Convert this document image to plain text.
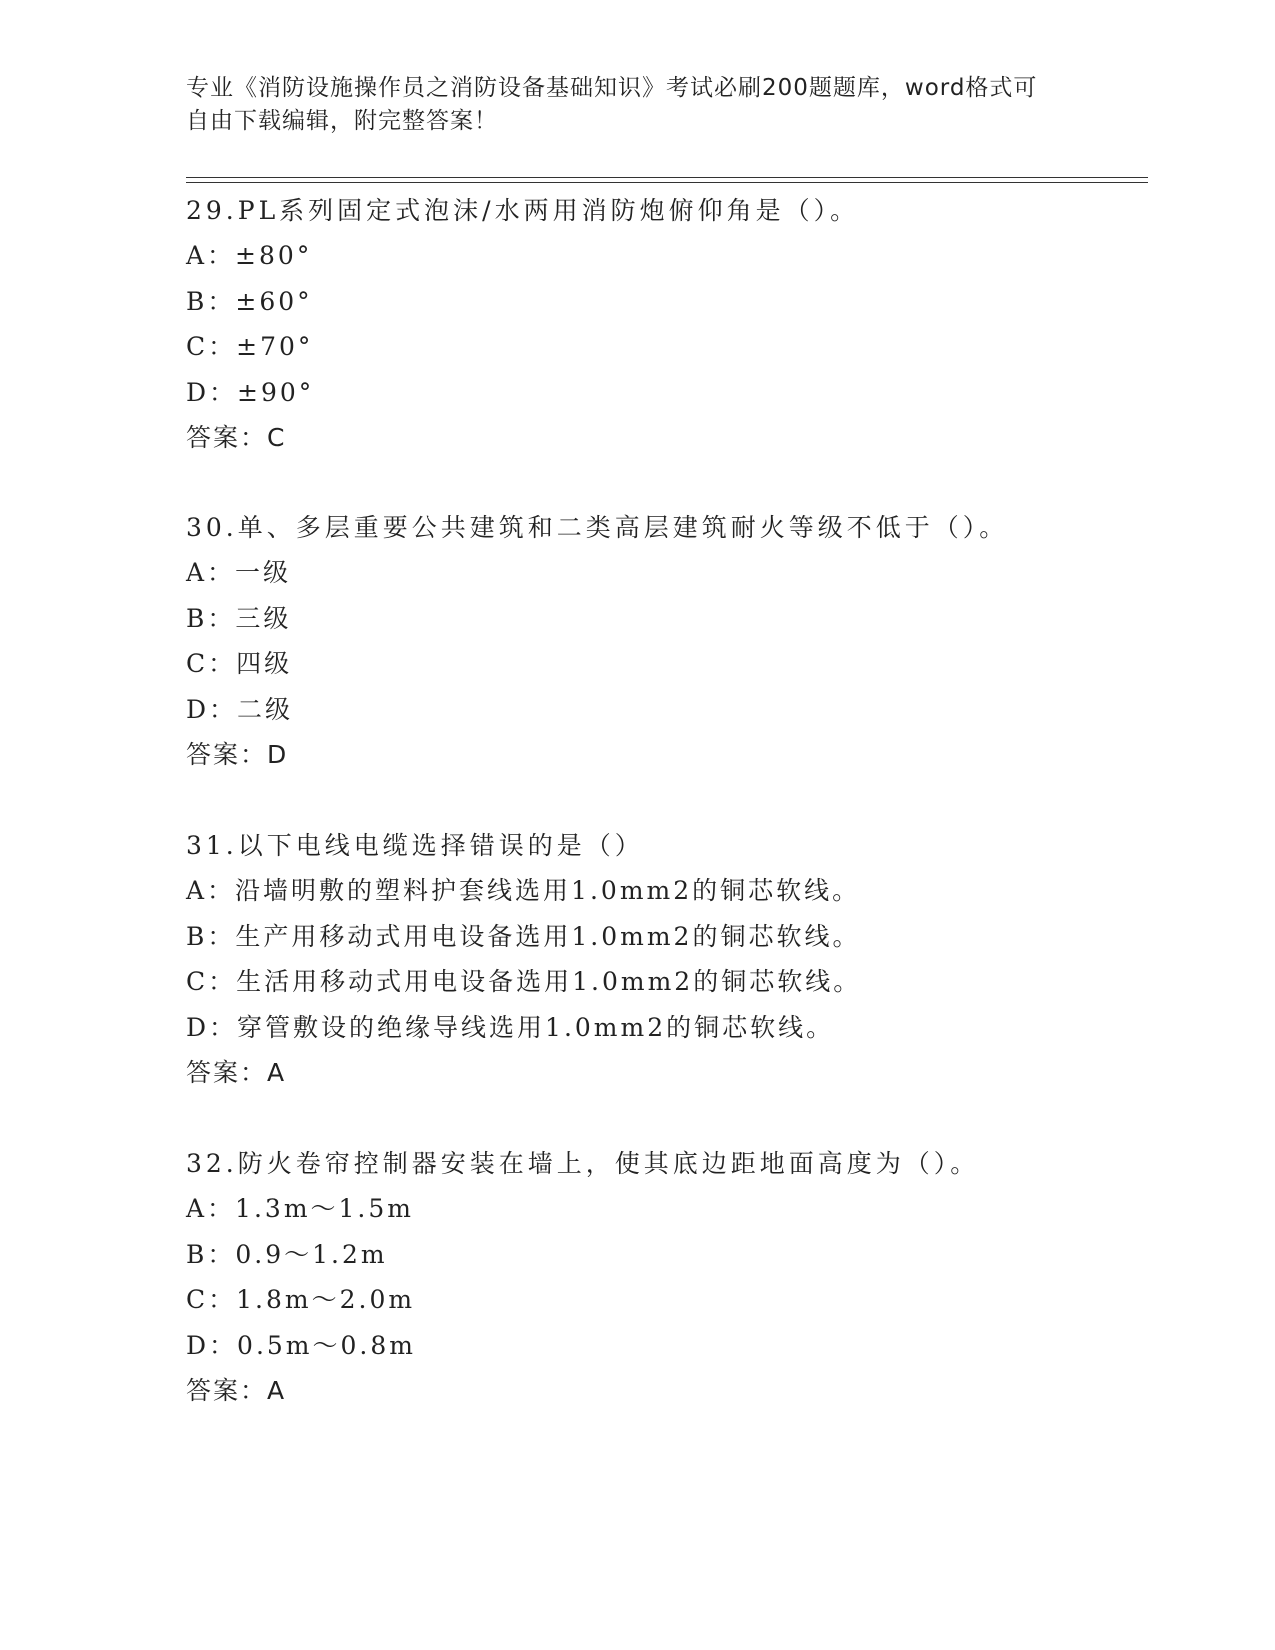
专业《消防设施操作员之消防设备基础知识》考试必刷200题题库，word格式可
自由下载编辑，附完整答案！
29.PL系列固定式泡沫/水两用消防炮俯仰角是（）。
A：±80°
B：±60°
C：±70°
D：±90°
答案：C
30.单、多层重要公共建筑和二类高层建筑耐火等级不低于（）。
A：一级
B：三级
C：四级
D：二级
答案：D
31.以下电线电缆选择错误的是（）
A：沿墙明敷的塑料护套线选用1.0mm2的铜芯软线。
B：生产用移动式用电设备选用1.0mm2的铜芯软线。
C：生活用移动式用电设备选用1.0mm2的铜芯软线。
D：穿管敷设的绝缘导线选用1.0mm2的铜芯软线。
答案：A
32.防火卷帘控制器安装在墙上，使其底边距地面高度为（）。
A：1.3m～1.5m
B：0.9～1.2m
C：1.8m～2.0m
D：0.5m～0.8m
答案：A
